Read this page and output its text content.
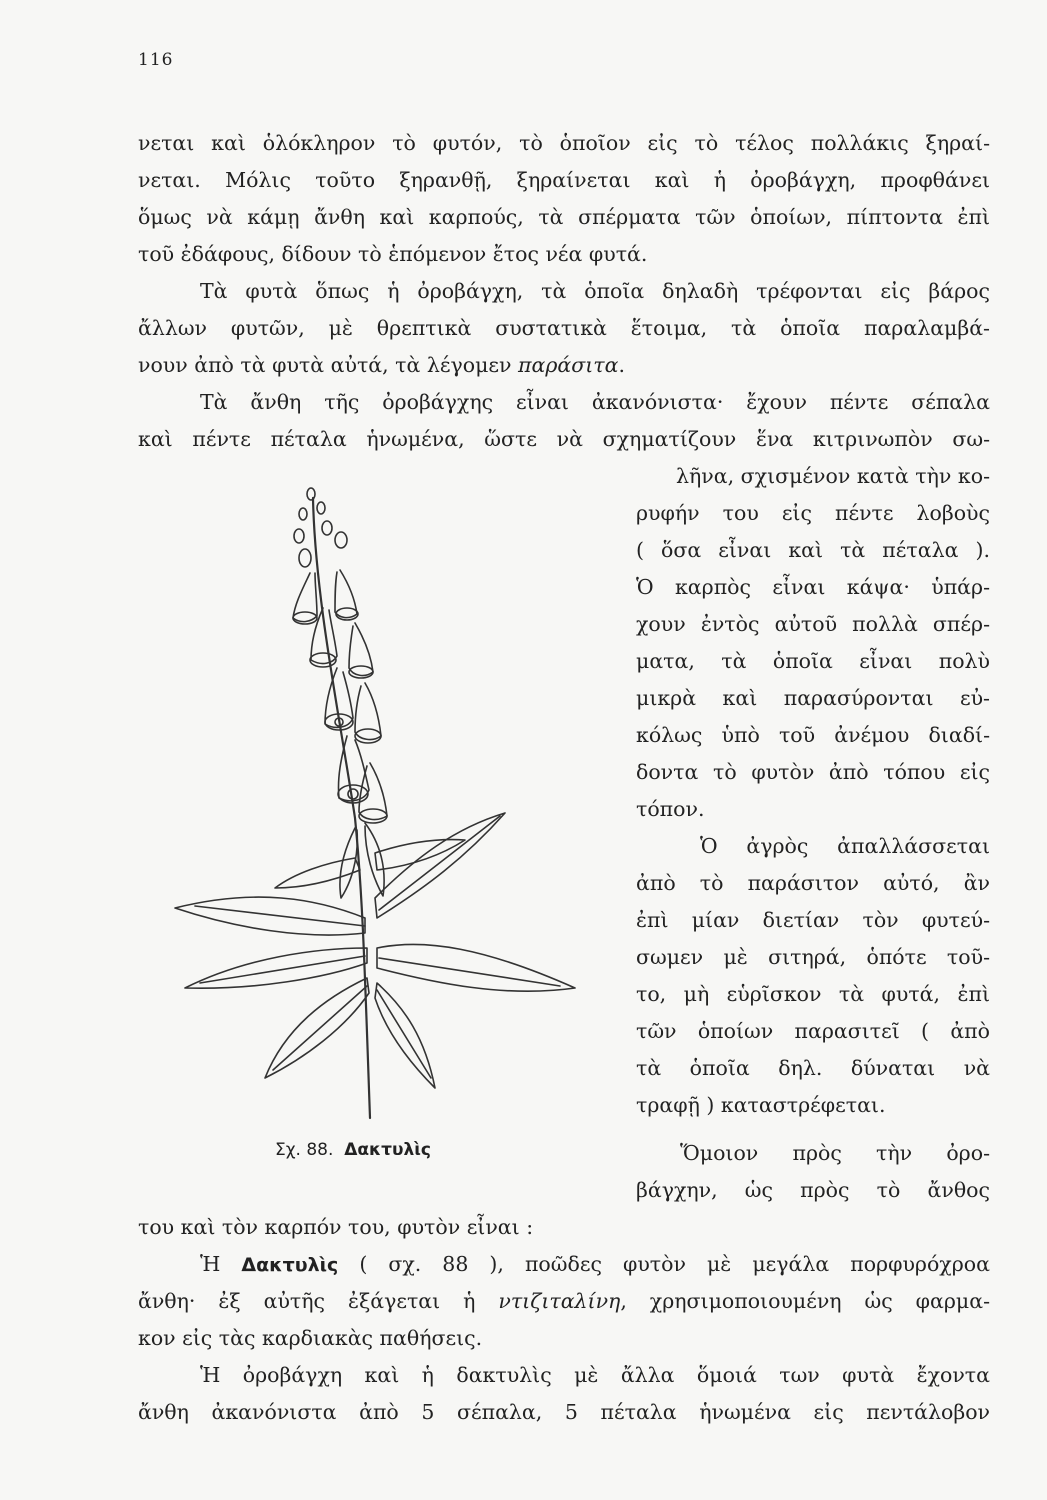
116
νεται καὶ ὁλόκληρον τὸ φυτόν, τὸ ὁποῖον εἰς τὸ τέλος πολλάκις ξηραί-
νεται. Μόλις τοῦτο ξηρανθῇ, ξηραίνεται καὶ ἡ ὀροβάγχη, προφθάνει
ὅμως νὰ κάμῃ ἄνθη καὶ καρπούς, τὰ σπέρματα τῶν ὁποίων, πίπτοντα ἐπὶ
τοῦ ἐδάφους, δίδουν τὸ ἑπόμενον ἔτος νέα φυτά.
Τὰ φυτὰ ὅπως ἡ ὀροβάγχη, τὰ ὁποῖα δηλαδὴ τρέφονται εἰς βάρος
ἄλλων φυτῶν, μὲ θρεπτικὰ συστατικὰ ἕτοιμα, τὰ ὁποῖα παραλαμβά-
νουν ἀπὸ τὰ φυτὰ αὐτά, τὰ λέγομεν παράσιτα.
Τὰ ἄνθη τῆς ὀροβάγχης εἶναι ἀκανόνιστα· ἔχουν πέντε σέπαλα
καὶ πέντε πέταλα ἡνωμένα, ὥστε νὰ σχηματίζουν ἕνα κιτρινωπὸν σω-
λῆνα, σχισμένον κατὰ τὴν κο-
ρυφήν του εἰς πέντε λοβοὺς
( ὅσα εἶναι καὶ τὰ πέταλα ).
Ὁ καρπὸς εἶναι κάψα· ὑπάρ-
χουν ἐντὸς αὐτοῦ πολλὰ σπέρ-
ματα, τὰ ὁποῖα εἶναι πολὺ
μικρὰ καὶ παρασύρονται εὐ-
κόλως ὑπὸ τοῦ ἀνέμου διαδί-
δοντα τὸ φυτὸν ἀπὸ τόπου εἰς
τόπον.
Ὁ ἀγρὸς ἀπαλλάσσεται
ἀπὸ τὸ παράσιτον αὐτό, ἂν
ἐπὶ μίαν διετίαν τὸν φυτεύ-
σωμεν μὲ σιτηρά, ὁπότε τοῦ-
το, μὴ εὑρῖσκον τὰ φυτά, ἐπὶ
τῶν ὁποίων παρασιτεῖ ( ἀπὸ
τὰ ὁποῖα δηλ. δύναται νὰ
τραφῇ ) καταστρέφεται.
Ὅμοιον πρὸς τὴν ὀρο-
βάγχην, ὡς πρὸς τὸ ἄνθος
Σχ. 88. Δακτυλὶς
του καὶ τὸν καρπόν του, φυτὸν εἶναι :
Ἡ Δακτυλὶς ( σχ. 88 ), ποῶδες φυτὸν μὲ μεγάλα πορφυρόχροα
ἄνθη· ἐξ αὐτῆς ἐξάγεται ἡ ντιζιταλίνη, χρησιμοποιουμένη ὡς φαρμα-
κον εἰς τὰς καρδιακὰς παθήσεις.
Ἡ ὀροβάγχη καὶ ἡ δακτυλὶς μὲ ἄλλα ὅμοιά των φυτὰ ἔχοντα
ἄνθη ἀκανόνιστα ἀπὸ 5 σέπαλα, 5 πέταλα ἡνωμένα εἰς πεντάλοβον
